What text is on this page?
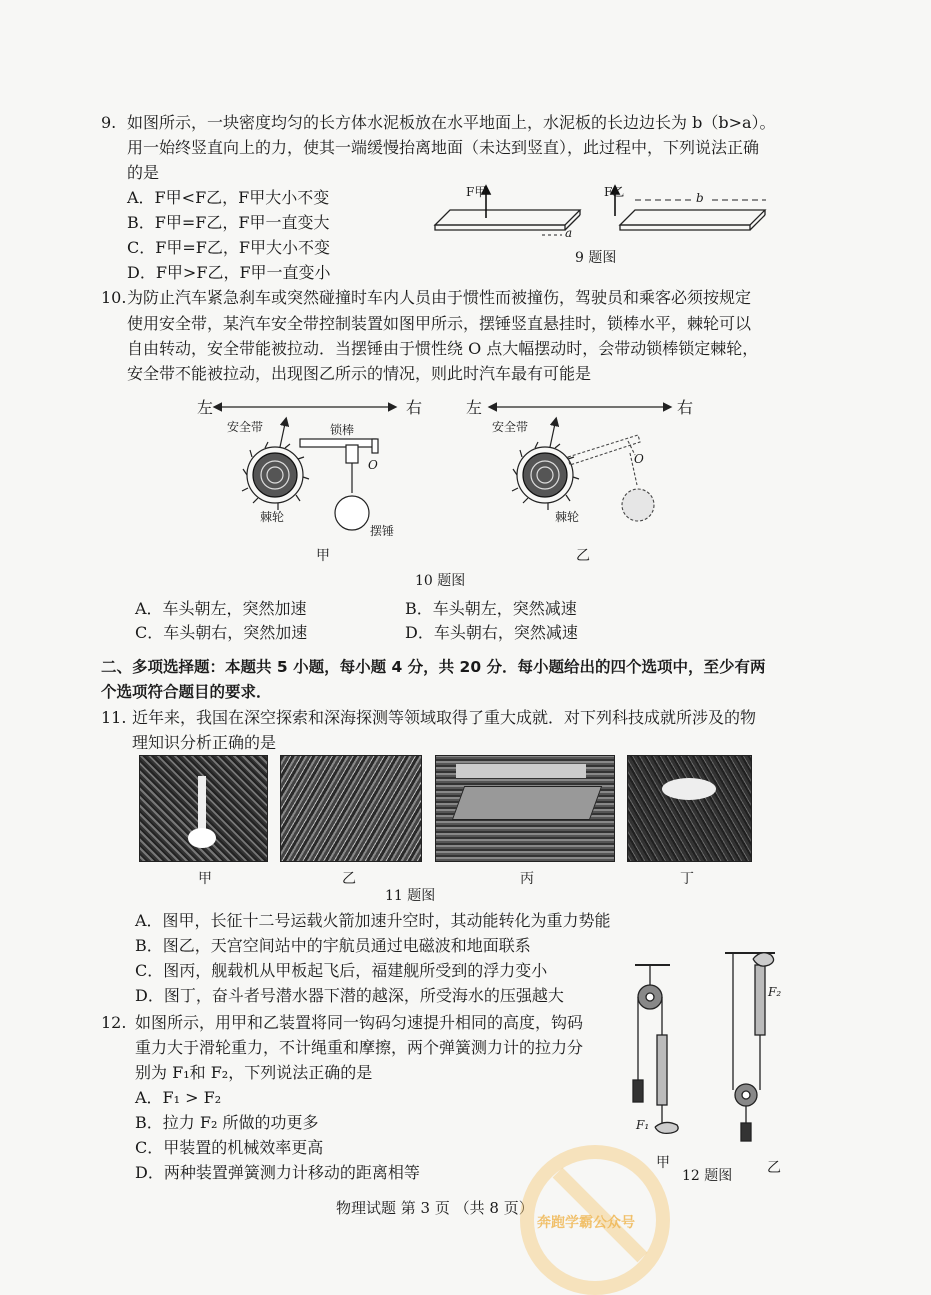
9. 如图所示，一块密度均匀的长方体水泥板放在水平地面上，水泥板的长边边长为 b（b>a）。
用一始终竖直向上的力，使其一端缓慢抬离地面（未达到竖直），此过程中，下列说法正确
的是
A．F甲<F乙，F甲大小不变
B．F甲=F乙，F甲一直变大
C．F甲=F乙，F甲大小不变
D．F甲>F乙，F甲一直变小
F甲	F乙
a
b
9 题图
10. 为防止汽车紧急刹车或突然碰撞时车内人员由于惯性而被撞伤，驾驶员和乘客必须按规定
使用安全带，某汽车安全带控制装置如图甲所示，摆锤竖直悬挂时，锁棒水平，棘轮可以
自由转动，安全带能被拉动．当摆锤由于惯性绕 O 点大幅摆动时，会带动锁棒锁定棘轮，
安全带不能被拉动，出现图乙所示的情况，则此时汽车最有可能是
左	右	左	右
安全带	安全带
锁棒
O	O
棘轮	棘轮
摆锤
甲	乙
10 题图
A．车头朝左，突然加速	B．车头朝左，突然减速
C．车头朝右，突然加速	D．车头朝右，突然减速
二、多项选择题：本题共 5 小题，每小题 4 分，共 20 分．每小题给出的四个选项中，至少有两
个选项符合题目的要求．
11. 近年来，我国在深空探索和深海探测等领域取得了重大成就．对下列科技成就所涉及的物
理知识分析正确的是
甲	乙	丙	丁
11 题图
A．图甲，长征十二号运载火箭加速升空时，其动能转化为重力势能
B．图乙，天宫空间站中的宇航员通过电磁波和地面联系
C．图丙，舰载机从甲板起飞后，福建舰所受到的浮力变小
D．图丁，奋斗者号潜水器下潜的越深，所受海水的压强越大
12. 如图所示，用甲和乙装置将同一钩码匀速提升相同的高度，钩码
重力大于滑轮重力，不计绳重和摩擦，两个弹簧测力计的拉力分
别为 F₁和 F₂，下列说法正确的是
A．F₁ > F₂
B．拉力 F₂ 所做的功更多
C．甲装置的机械效率更高
D．两种装置弹簧测力计移动的距离相等
F₁
F₂
甲	乙
12 题图
物理试题 第 3 页 （共 8 页）
奔跑学霸公众号
